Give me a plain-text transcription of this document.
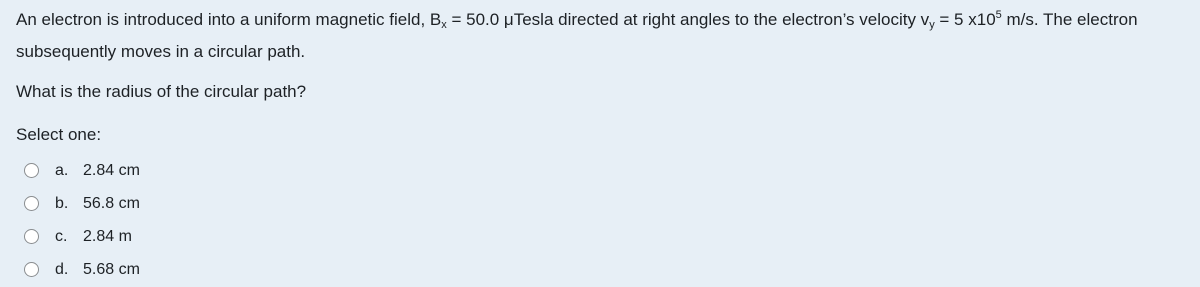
An electron is introduced into a uniform magnetic field, $B_x = 50.0$ μTesla directed at right angles to the electron’s velocity $v_y = 5$ $x10^5$ m/s. The electron subsequently moves in a circular path.

What is the radius of the circular path?

Select one:
a. 2.84 cm
b. 56.8 cm
c. 2.84 m
d. 5.68 cm
